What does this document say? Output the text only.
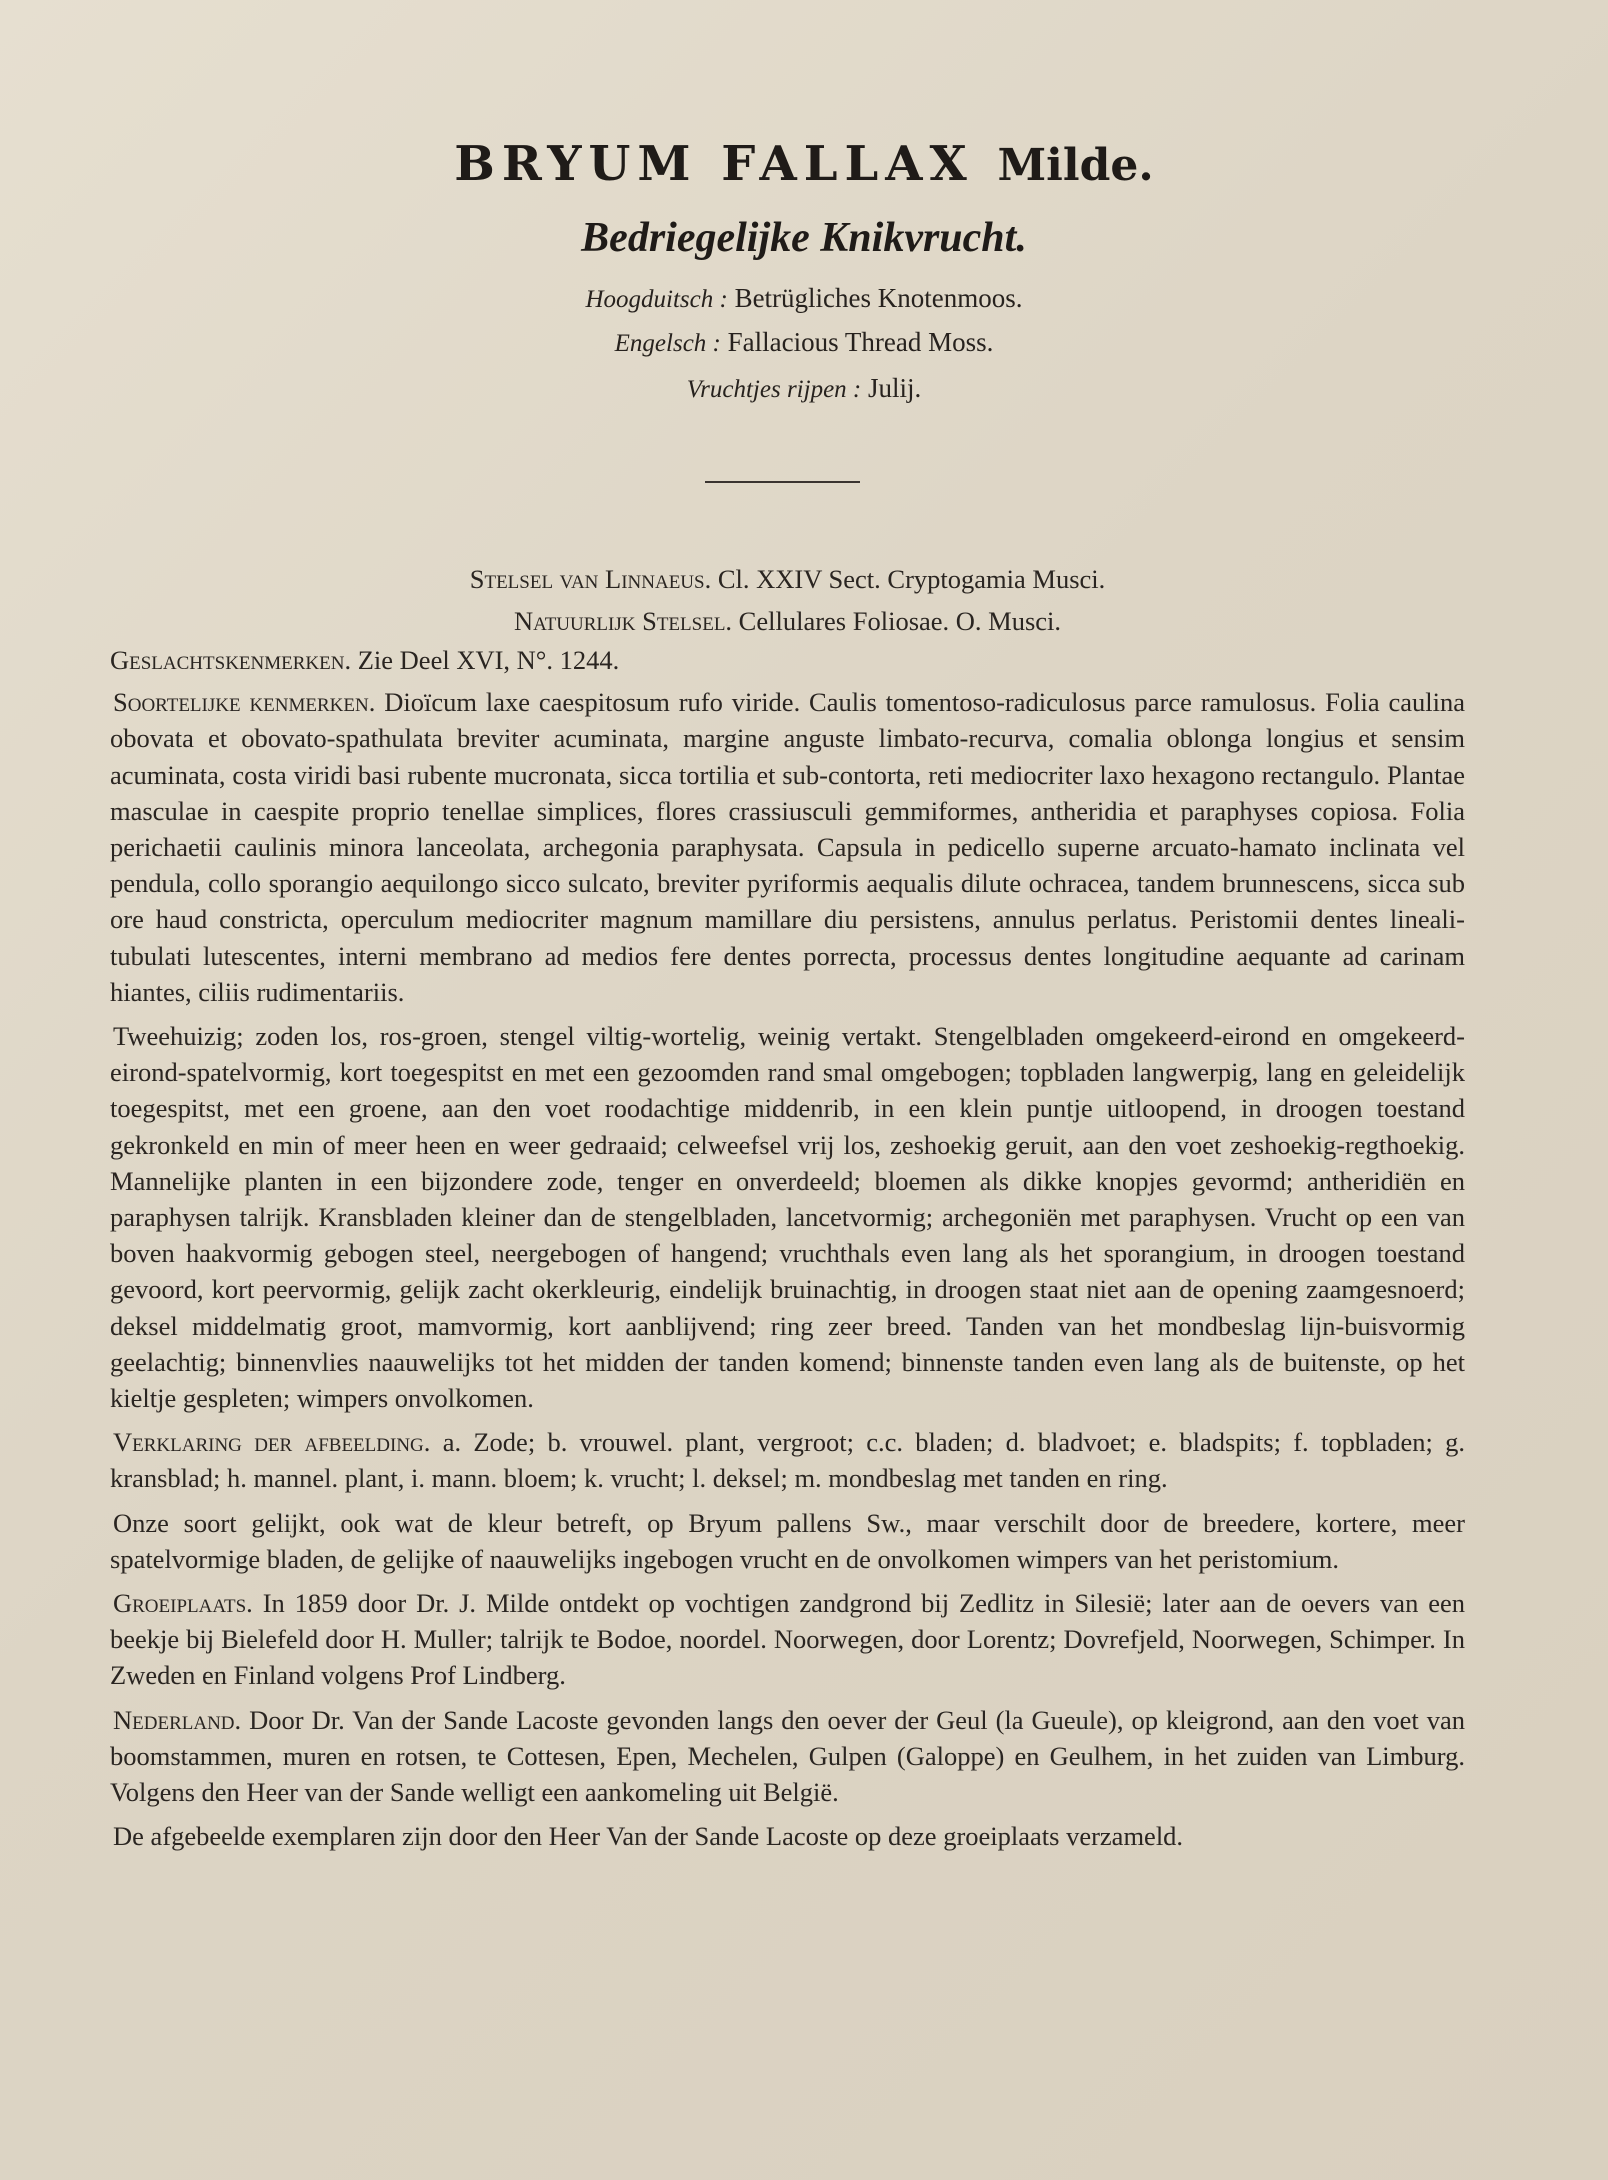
BRYUM FALLAX Milde.
Bedriegelijke Knikvrucht.
Hoogduitsch : Betrügliches Knotenmoos.
Engelsch : Fallacious Thread Moss.
Vruchtjes rijpen : Julij.

Stelsel van Linnaeus. Cl. XXIV Sect. Cryptogamia Musci.

Natuurlijk Stelsel. Cellulares Foliosae. O. Musci.

Geslachtskenmerken. Zie Deel XVI, N°. 1244.

Soortelijke kenmerken. Dioïcum laxe caespitosum rufo viride. Caulis tomentoso-radiculosus parce ramulosus. Folia caulina obovata et obovato-spathulata breviter acuminata, margine anguste limbato-recurva, comalia oblonga longius et sensim acuminata, costa viridi basi rubente mucronata, sicca tortilia et sub-contorta, reti mediocriter laxo hexagono rectangulo. Plantae masculae in caespite proprio tenellae simplices, flores crassiusculi gemmiformes, antheridia et paraphyses copiosa. Folia perichaetii caulinis minora lanceolata, archegonia paraphysata. Capsula in pedicello superne arcuato-hamato inclinata vel pendula, collo sporangio aequilongo sicco sulcato, breviter pyriformis aequalis dilute ochracea, tandem brunnescens, sicca sub ore haud constricta, operculum mediocriter magnum mamillare diu persistens, annulus perlatus. Peristomii dentes lineali-tubulati lutescentes, interni membrano ad medios fere dentes porrecta, processus dentes longitudine aequante ad carinam hiantes, ciliis rudimentariis.

Tweehuizig; zoden los, ros-groen, stengel viltig-wortelig, weinig vertakt. Stengelbladen omgekeerd-eirond en omgekeerd-eirond-spatelvormig, kort toegespitst en met een gezoomden rand smal omgebogen; topbladen langwerpig, lang en geleidelijk toegespitst, met een groene, aan den voet roodachtige middenrib, in een klein puntje uitloopend, in droogen toestand gekronkeld en min of meer heen en weer gedraaid; celweefsel vrij los, zeshoekig geruit, aan den voet zeshoekig-regthoekig. Mannelijke planten in een bijzondere zode, tenger en onverdeeld; bloemen als dikke knopjes gevormd; antheridiën en paraphysen talrijk. Kransbladen kleiner dan de stengelbladen, lancetvormig; archegoniën met paraphysen. Vrucht op een van boven haakvormig gebogen steel, neergebogen of hangend; vruchthals even lang als het sporangium, in droogen toestand gevoord, kort peervormig, gelijk zacht okerkleurig, eindelijk bruinachtig, in droogen staat niet aan de opening zaamgesnoerd; deksel middelmatig groot, mamvormig, kort aanblijvend; ring zeer breed. Tanden van het mondbeslag lijn-buisvormig geelachtig; binnenvlies naauwelijks tot het midden der tanden komend; binnenste tanden even lang als de buitenste, op het kieltje gespleten; wimpers onvolkomen.

Verklaring der afbeelding. a. Zode; b. vrouwel. plant, vergroot; c.c. bladen; d. bladvoet; e. bladspits; f. topbladen; g. kransblad; h. mannel. plant, i. mann. bloem; k. vrucht; l. deksel; m. mondbeslag met tanden en ring.

Onze soort gelijkt, ook wat de kleur betreft, op Bryum pallens Sw., maar verschilt door de breedere, kortere, meer spatelvormige bladen, de gelijke of naauwelijks ingebogen vrucht en de onvolkomen wimpers van het peristomium.

Groeiplaats. In 1859 door Dr. J. Milde ontdekt op vochtigen zandgrond bij Zedlitz in Silesië; later aan de oevers van een beekje bij Bielefeld door H. Muller; talrijk te Bodoe, noordel. Noorwegen, door Lorentz; Dovrefjeld, Noorwegen, Schimper. In Zweden en Finland volgens Prof Lindberg.

Nederland. Door Dr. Van der Sande Lacoste gevonden langs den oever der Geul (la Gueule), op kleigrond, aan den voet van boomstammen, muren en rotsen, te Cottesen, Epen, Mechelen, Gulpen (Galoppe) en Geulhem, in het zuiden van Limburg. Volgens den Heer van der Sande welligt een aankomeling uit België.

De afgebeelde exemplaren zijn door den Heer Van der Sande Lacoste op deze groeiplaats verzameld.
